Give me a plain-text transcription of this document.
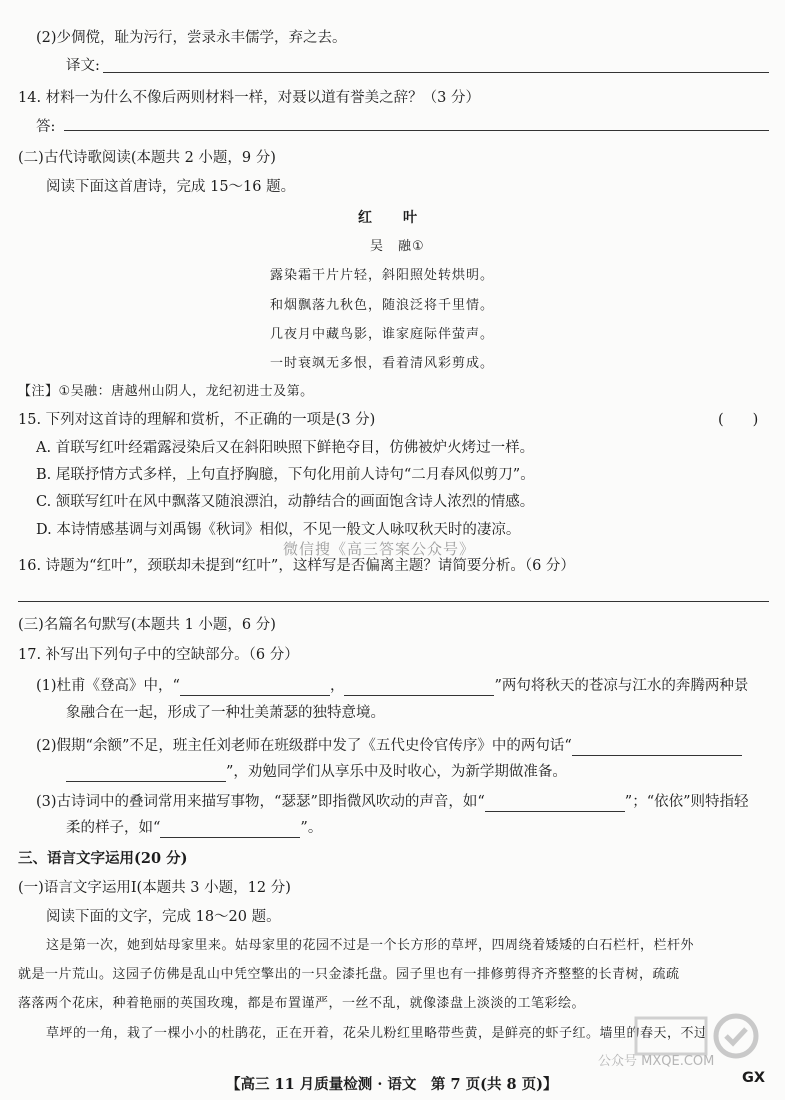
(2)少倜傥，耻为污行，尝录永丰儒学，弃之去。
译文:
14. 材料一为什么不像后两则材料一样，对聂以道有誉美之辞？（3 分）
答:
(二)古代诗歌阅读(本题共 2 小题，9 分)
阅读下面这首唐诗，完成 15～16 题。
红　　叶
吴　融①
露染霜干片片轻，斜阳照处转烘明。
和烟飘落九秋色，随浪泛将千里情。
几夜月中藏鸟影，谁家庭际伴萤声。
一时衰飒无多恨，看着清风彩剪成。
【注】①吴融：唐越州山阴人，龙纪初进士及第。
15. 下列对这首诗的理解和赏析，不正确的一项是(3 分)	(　　)
A. 首联写红叶经霜露浸染后又在斜阳映照下鲜艳夺目，仿佛被炉火烤过一样。
B. 尾联抒情方式多样，上句直抒胸臆，下句化用前人诗句“二月春风似剪刀”。
C. 颔联写红叶在风中飘落又随浪漂泊，动静结合的画面饱含诗人浓烈的情感。
D. 本诗情感基调与刘禹锡《秋词》相似，不见一般文人咏叹秋天时的凄凉。
微信搜《高三答案公众号》
16. 诗题为“红叶”，颈联却未提到“红叶”，这样写是否偏离主题？请简要分析。（6 分）
(三)名篇名句默写(本题共 1 小题，6 分)
17. 补写出下列句子中的空缺部分。（6 分）
(1)杜甫《登高》中，“	，	”两句将秋天的苍凉与江水的奔腾两种景
象融合在一起，形成了一种壮美萧瑟的独特意境。
(2)假期“余额”不足，班主任刘老师在班级群中发了《五代史伶官传序》中的两句话“
”，劝勉同学们从享乐中及时收心，为新学期做准备。
(3)古诗词中的叠词常用来描写事物，“瑟瑟”即指微风吹动的声音，如“	”；“依依”则特指轻
柔的样子，如“	”。
三、语言文字运用(20 分)
(一)语言文字运用Ⅰ(本题共 3 小题，12 分)
阅读下面的文字，完成 18～20 题。
这是第一次，她到姑母家里来。姑母家里的花园不过是一个长方形的草坪，四周绕着矮矮的白石栏杆，栏杆外
就是一片荒山。这园子仿佛是乱山中凭空擎出的一只金漆托盘。园子里也有一排修剪得齐齐整整的长青树，疏疏
落落两个花床，种着艳丽的英国玫瑰，都是布置谨严，一丝不乱，就像漆盘上淡淡的工笔彩绘。
草坪的一角，栽了一棵小小的杜鹃花，正在开着，花朵儿粉红里略带些黄，是鲜亮的虾子红。墙里的春天，不过
公众号 MXQE.COM
【高三 11 月质量检测 · 语文　第 7 页(共 8 页)】	GX
